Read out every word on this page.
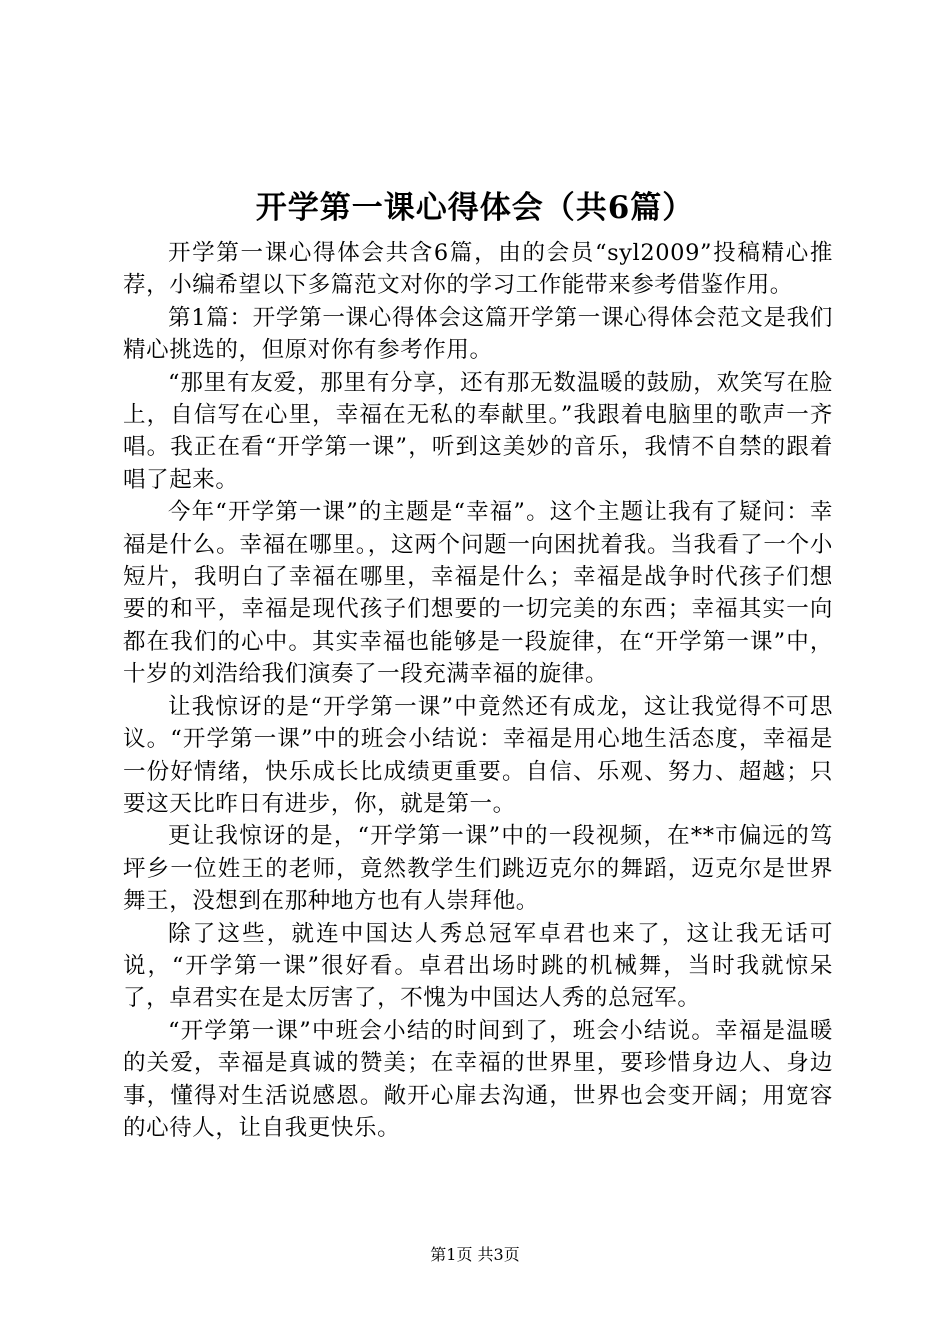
开学第一课心得体会（共6篇）

开学第一课心得体会共含6篇，由的会员“syl2009”投稿精心推荐，小编希望以下多篇范文对你的学习工作能带来参考借鉴作用。

第1篇：开学第一课心得体会这篇开学第一课心得体会范文是我们精心挑选的，但原对你有参考作用。

“那里有友爱，那里有分享，还有那无数温暖的鼓励，欢笑写在脸上，自信写在心里，幸福在无私的奉献里。”我跟着电脑里的歌声一齐唱。我正在看“开学第一课”，听到这美妙的音乐，我情不自禁的跟着唱了起来。

今年“开学第一课”的主题是“幸福”。这个主题让我有了疑问：幸福是什么。幸福在哪里。，这两个问题一向困扰着我。当我看了一个小短片，我明白了幸福在哪里，幸福是什么；幸福是战争时代孩子们想要的和平，幸福是现代孩子们想要的一切完美的东西；幸福其实一向都在我们的心中。其实幸福也能够是一段旋律，在“开学第一课”中，十岁的刘浩给我们演奏了一段充满幸福的旋律。

让我惊讶的是“开学第一课”中竟然还有成龙，这让我觉得不可思议。“开学第一课”中的班会小结说：幸福是用心地生活态度，幸福是一份好情绪，快乐成长比成绩更重要。自信、乐观、努力、超越；只要这天比昨日有进步，你，就是第一。

更让我惊讶的是，“开学第一课”中的一段视频，在**市偏远的笃坪乡一位姓王的老师，竟然教学生们跳迈克尔的舞蹈，迈克尔是世界舞王，没想到在那种地方也有人崇拜他。

除了这些，就连中国达人秀总冠军卓君也来了，这让我无话可说，“开学第一课”很好看。卓君出场时跳的机械舞，当时我就惊呆了，卓君实在是太厉害了，不愧为中国达人秀的总冠军。

“开学第一课”中班会小结的时间到了，班会小结说。幸福是温暖的关爱，幸福是真诚的赞美；在幸福的世界里，要珍惜身边人、身边事，懂得对生活说感恩。敞开心扉去沟通，世界也会变开阔；用宽容的心待人，让自我更快乐。

第1页 共3页
